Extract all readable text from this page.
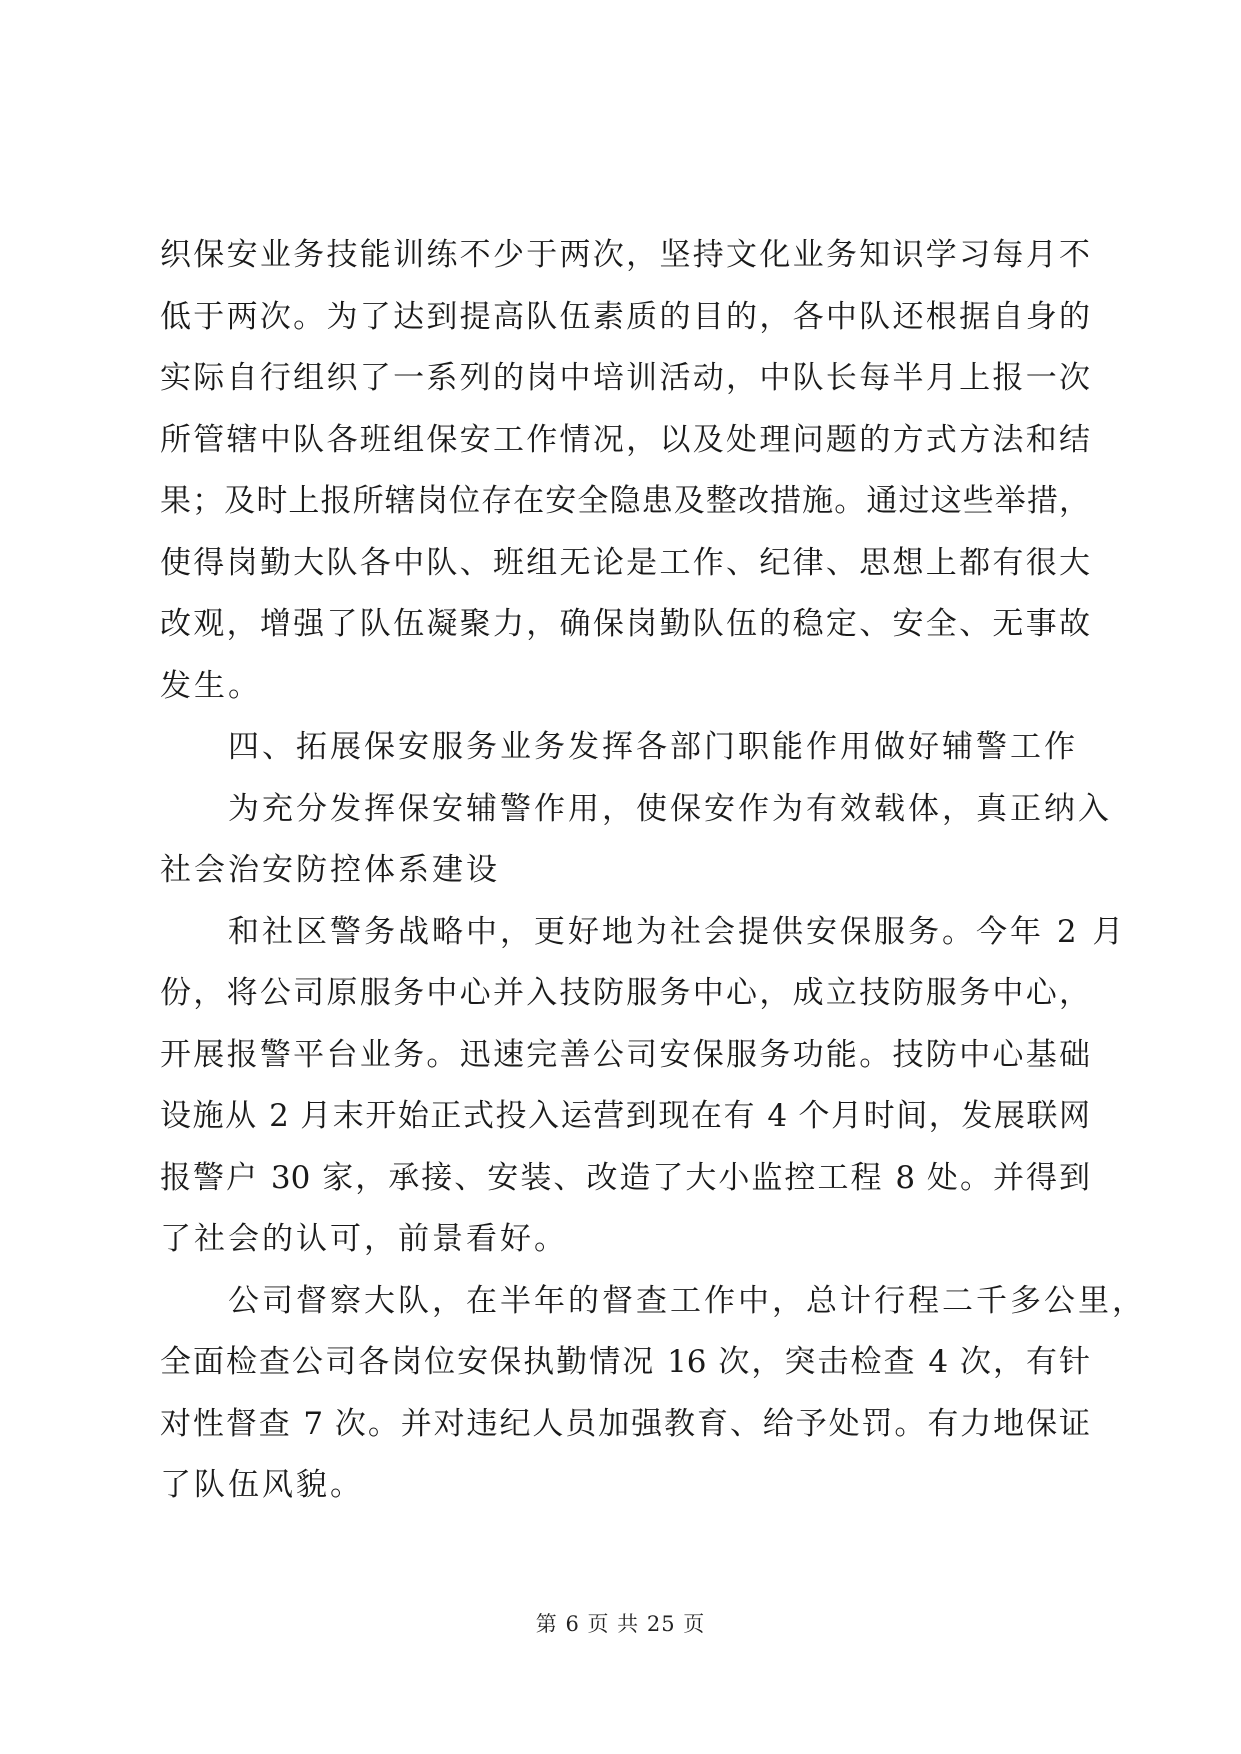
织保安业务技能训练不少于两次，坚持文化业务知识学习每月不
低于两次。为了达到提高队伍素质的目的，各中队还根据自身的
实际自行组织了一系列的岗中培训活动，中队长每半月上报一次
所管辖中队各班组保安工作情况，以及处理问题的方式方法和结
果；及时上报所辖岗位存在安全隐患及整改措施。通过这些举措，
使得岗勤大队各中队、班组无论是工作、纪律、思想上都有很大
改观，增强了队伍凝聚力，确保岗勤队伍的稳定、安全、无事故
发生。
四、拓展保安服务业务发挥各部门职能作用做好辅警工作
为充分发挥保安辅警作用，使保安作为有效载体，真正纳入
社会治安防控体系建设
和社区警务战略中，更好地为社会提供安保服务。今年 2 月
份，将公司原服务中心并入技防服务中心，成立技防服务中心，
开展报警平台业务。迅速完善公司安保服务功能。技防中心基础
设施从 2 月末开始正式投入运营到现在有 4 个月时间，发展联网
报警户 30 家，承接、安装、改造了大小监控工程 8 处。并得到
了社会的认可，前景看好。
公司督察大队，在半年的督查工作中，总计行程二千多公里，
全面检查公司各岗位安保执勤情况 16 次，突击检查 4 次，有针
对性督查 7 次。并对违纪人员加强教育、给予处罚。有力地保证
了队伍风貌。
第 6 页 共 25 页
